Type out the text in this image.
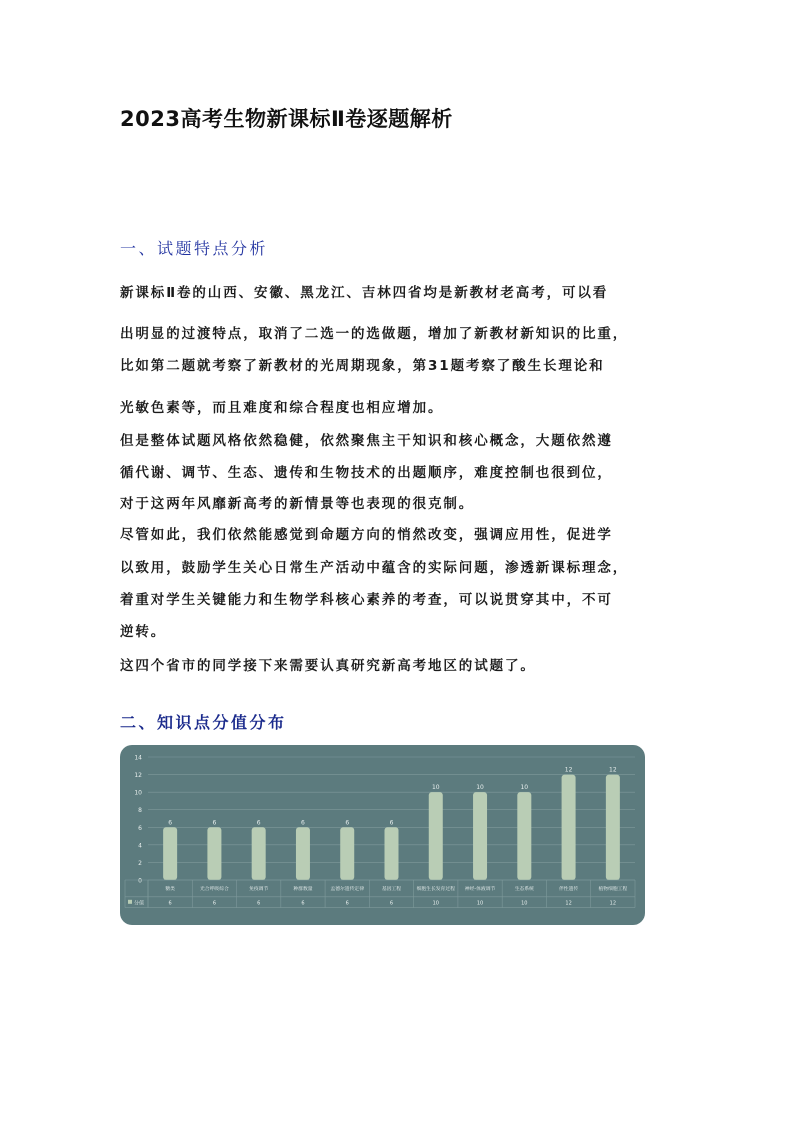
2023高考生物新课标Ⅱ卷逐题解析
一、试题特点分析
新课标Ⅱ卷的山西、安徽、黑龙江、吉林四省均是新教材老高考，可以看
出明显的过渡特点，取消了二选一的选做题，增加了新教材新知识的比重，
比如第二题就考察了新教材的光周期现象，第31题考察了酸生长理论和
光敏色素等，而且难度和综合程度也相应增加。
但是整体试题风格依然稳健，依然聚焦主干知识和核心概念，大题依然遵
循代谢、调节、生态、遗传和生物技术的出题顺序，难度控制也很到位，
对于这两年风靡新高考的新情景等也表现的很克制。
尽管如此，我们依然能感觉到命题方向的悄然改变，强调应用性，促进学
以致用，鼓励学生关心日常生产活动中蕴含的实际问题，渗透新课标理念，
着重对学生关键能力和生物学科核心素养的考查，可以说贯穿其中，不可
逆转。
这四个省市的同学接下来需要认真研究新高考地区的试题了。
二、知识点分值分布
0
2
4
6
8
10
12
14
6	6	6	6	6	6
10	10	10
12	12
分值
糖类
6
光合呼吸综合
6
免疫调节
6
种群数量
6
孟德尔遗传定律
6
基因工程
6
细胞生长发育过程
10
神经-体液调节
10
生态系统
10
伴性遗传
12
植物细胞工程
12
